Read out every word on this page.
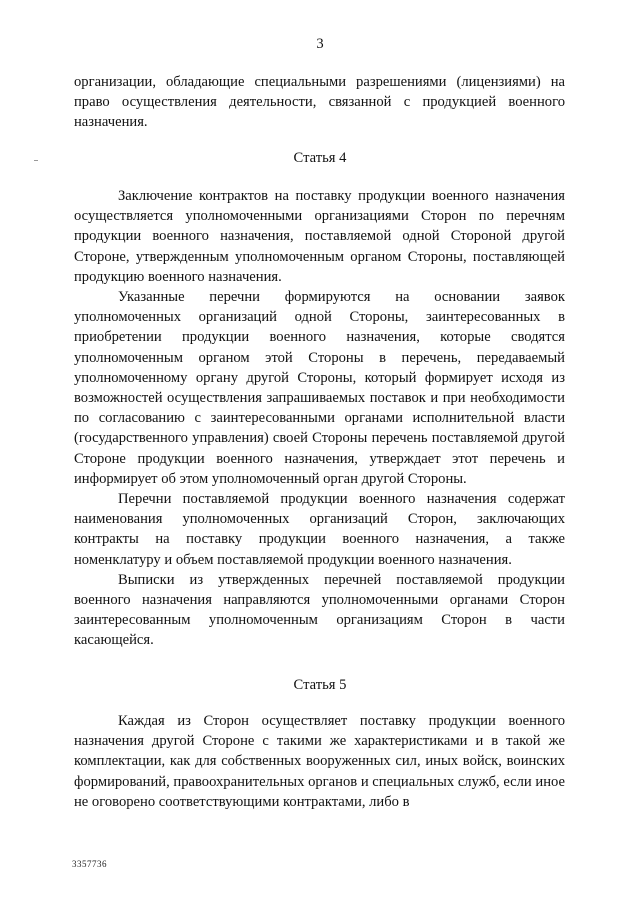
3

организации, обладающие специальными разрешениями (лицензиями) на право осуществления деятельности, связанной с продукцией военного назначения.

Статья 4

Заключение контрактов на поставку продукции военного назначения осуществляется уполномоченными организациями Сторон по перечням продукции военного назначения, поставляемой одной Стороной другой Стороне, утвержденным уполномоченным органом Стороны, поставляющей продукцию военного назначения.

Указанные перечни формируются на основании заявок уполномоченных организаций одной Стороны, заинтересованных в приобретении продукции военного назначения, которые сводятся уполномоченным органом этой Стороны в перечень, передаваемый уполномоченному органу другой Стороны, который формирует исходя из возможностей осуществления запрашиваемых поставок и при необходимости по согласованию с заинтересованными органами исполнительной власти (государственного управления) своей Стороны перечень поставляемой другой Стороне продукции военного назначения, утверждает этот перечень и информирует об этом уполномоченный орган другой Стороны.

Перечни поставляемой продукции военного назначения содержат наименования уполномоченных организаций Сторон, заключающих контракты на поставку продукции военного назначения, а также номенклатуру и объем поставляемой продукции военного назначения.

Выписки из утвержденных перечней поставляемой продукции военного назначения направляются уполномоченными органами Сторон заинтересованным уполномоченным организациям Сторон в части касающейся.

Статья 5

Каждая из Сторон осуществляет поставку продукции военного назначения другой Стороне с такими же характеристиками и в такой же комплектации, как для собственных вооруженных сил, иных войск, воинских формирований, правоохранительных органов и специальных служб, если иное не оговорено соответствующими контрактами, либо в

3357736
